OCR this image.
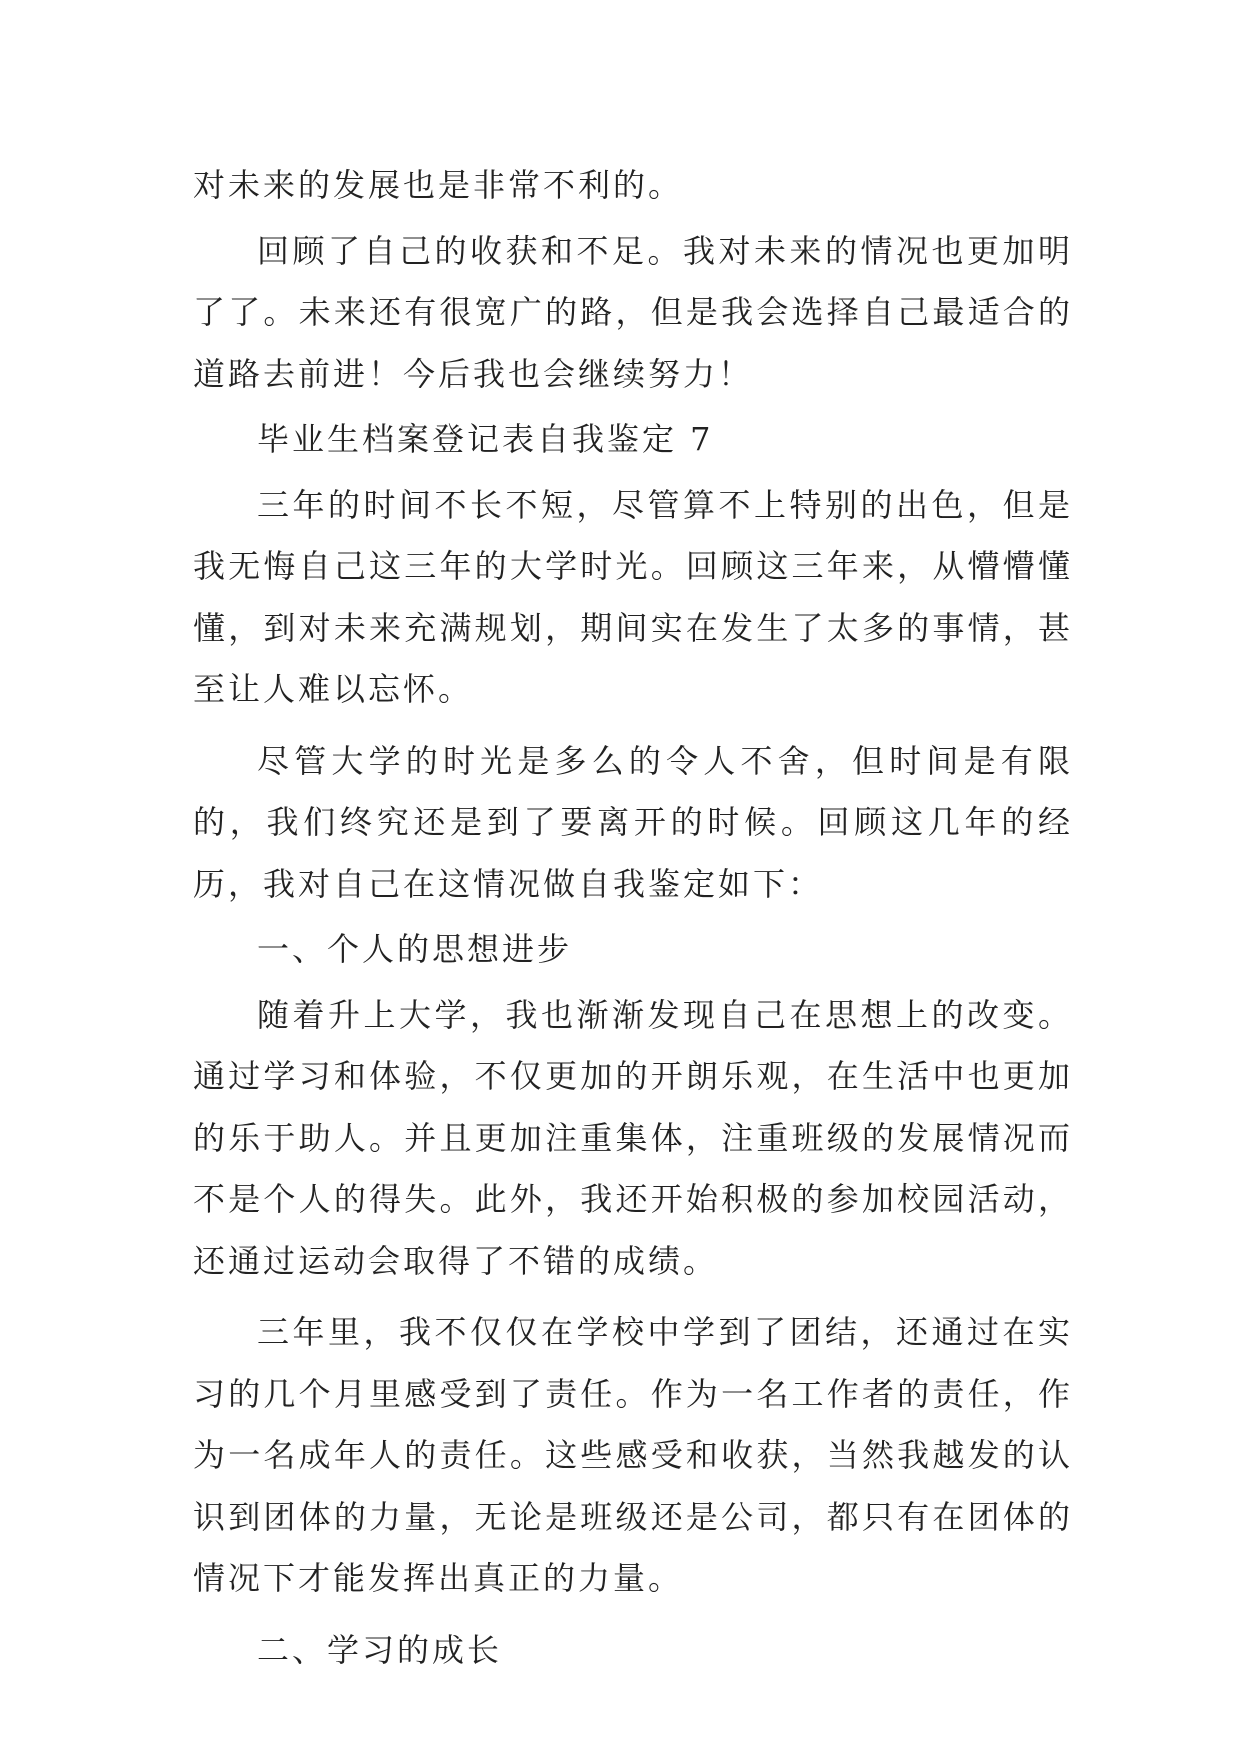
对未来的发展也是非常不利的。

回顾了自己的收获和不足。我对未来的情况也更加明了了。未来还有很宽广的路，但是我会选择自己最适合的道路去前进！今后我也会继续努力！

毕业生档案登记表自我鉴定 7

三年的时间不长不短，尽管算不上特别的出色，但是我无悔自己这三年的大学时光。回顾这三年来，从懵懵懂懂，到对未来充满规划，期间实在发生了太多的事情，甚至让人难以忘怀。

尽管大学的时光是多么的令人不舍，但时间是有限的，我们终究还是到了要离开的时候。回顾这几年的经历，我对自己在这情况做自我鉴定如下：

一、个人的思想进步

随着升上大学，我也渐渐发现自己在思想上的改变。通过学习和体验，不仅更加的开朗乐观，在生活中也更加的乐于助人。并且更加注重集体，注重班级的发展情况而不是个人的得失。此外，我还开始积极的参加校园活动，还通过运动会取得了不错的成绩。

三年里，我不仅仅在学校中学到了团结，还通过在实习的几个月里感受到了责任。作为一名工作者的责任，作为一名成年人的责任。这些感受和收获，当然我越发的认识到团体的力量，无论是班级还是公司，都只有在团体的情况下才能发挥出真正的力量。

二、学习的成长
